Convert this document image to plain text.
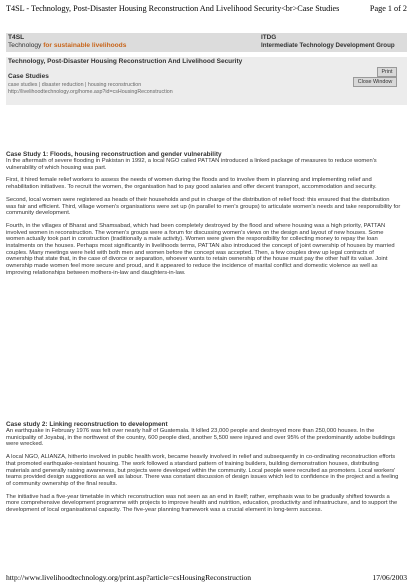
T4SL - Technology, Post-Disaster Housing Reconstruction And Livelihood Security<br>Case Studies	Page 1 of 2
T4SL
Technology for sustainable livelihoods
ITDG
Intermediate Technology Development Group
Technology, Post-Disaster Housing Reconstruction And Livelihood Security
Case Studies
case studies | disaster reduction | housing reconstruction
http://livelihoodtechnology.org/home.asp?id=csHousingReconstruction
Print
Close Window
Case Study 1: Floods, housing reconstruction and gender vulnerability

In the aftermath of severe flooding in Pakistan in 1992, a local NGO called PATTAN introduced a linked package of measures to reduce women's vulnerability of which housing was part.

First, it hired female relief workers to assess the needs of women during the floods and to involve them in planning and implementing relief and rehabilitation initiatives. To recruit the women, the organisation had to pay good salaries and offer decent transport, accommodation and security.

Second, local women were registered as heads of their households and put in charge of the distribution of relief food: this ensured that the distribution was fair and efficient. Third, village women's organisations were set up (in parallel to men's groups) to articulate women's needs and take responsibility for community development.

Fourth, in the villages of Bharat and Shamsabad, which had been completely destroyed by the flood and where housing was a high priority, PATTAN involved women in reconstruction. The women's groups were a forum for discussing women's views on the design and layout of new houses. Some women actually took part in construction (traditionally a male activity). Women were given the responsibility for collecting money to repay the loan instalments on the houses. Perhaps most significantly in livelihoods terms, PATTAN also introduced the concept of joint ownership of houses by married couples. Many meetings were held with both men and women before the concept was accepted. Then, a few couples drew up legal contracts of ownership that state that, in the case of divorce or separation, whoever wants to retain ownership of the house must pay the other half its value. Joint ownership made women feel more secure and proud, and it appeared to reduce the incidence of marital conflict and domestic violence as well as improving relationships between mothers-in-law and daughters-in-law.

Case study 2: Linking reconstruction to development

An earthquake in February 1976 was felt over nearly half of Guatemala. It killed 23,000 people and destroyed more than 250,000 houses. In the municipality of Joyabaj, in the northwest of the country, 600 people died, another 5,500 were injured and over 95% of the predominantly adobe buildings were wrecked.

A local NGO, ALIANZA, hitherto involved in public health work, became heavily involved in relief and subsequently in co-ordinating reconstruction efforts that promoted earthquake-resistant housing. The work followed a standard pattern of training builders, building demonstration houses, distributing materials and generally raising awareness, but projects were developed within the community. Local people were recruited as promoters. Local workers' teams provided design suggestions as well as labour. There was constant discussion of design issues which led to confidence in the project and a feeling of community ownership of the final results.

The initiative had a five-year timetable in which reconstruction was not seen as an end in itself; rather, emphasis was to be gradually shifted towards a more comprehensive development programme with projects to improve health and nutrition, education, productivity and infrastructure, and to support the development of local organisational capacity. The five-year planning framework was a crucial element in long-term success.

http://www.livelihoodtechnology.org/print.asp?article=csHousingReconstruction	17/06/2003
